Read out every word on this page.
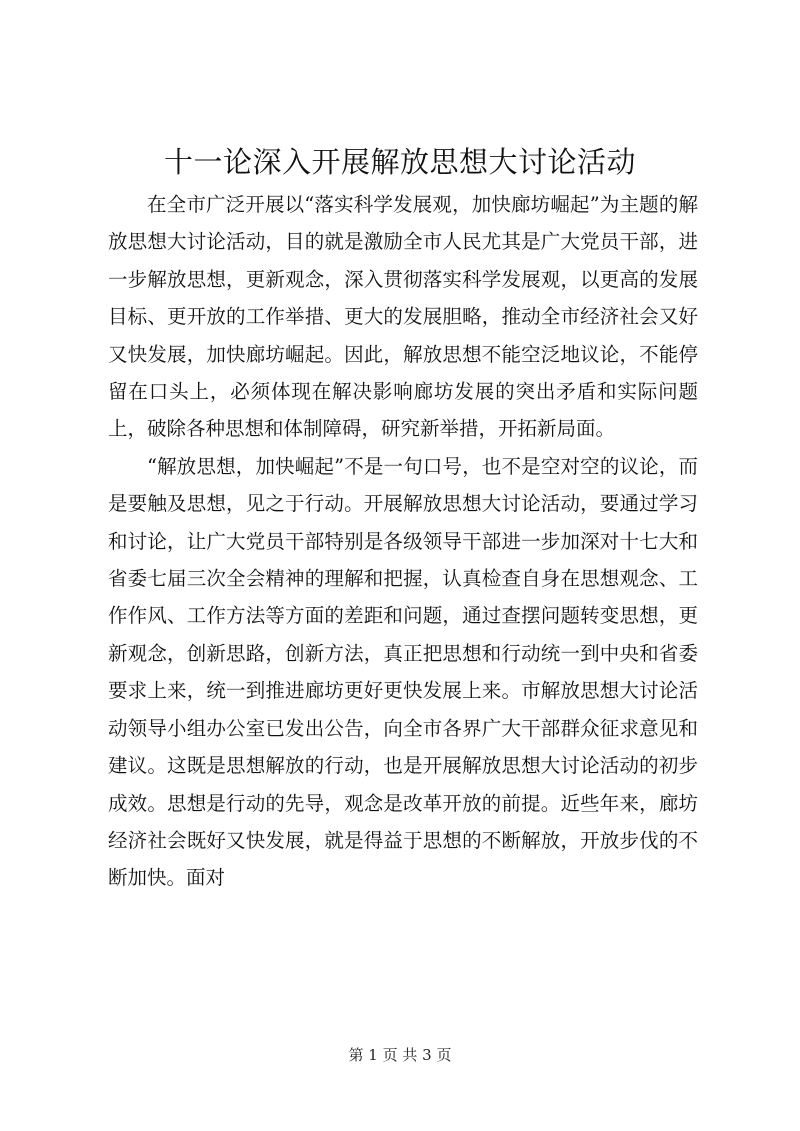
十一论深入开展解放思想大讨论活动

在全市广泛开展以“落实科学发展观，加快廊坊崛起”为主题的解放思想大讨论活动，目的就是激励全市人民尤其是广大党员干部，进一步解放思想，更新观念，深入贯彻落实科学发展观，以更高的发展目标、更开放的工作举措、更大的发展胆略，推动全市经济社会又好又快发展，加快廊坊崛起。因此，解放思想不能空泛地议论，不能停留在口头上，必须体现在解决影响廊坊发展的突出矛盾和实际问题上，破除各种思想和体制障碍，研究新举措，开拓新局面。

“解放思想，加快崛起”不是一句口号，也不是空对空的议论，而是要触及思想，见之于行动。开展解放思想大讨论活动，要通过学习和讨论，让广大党员干部特别是各级领导干部进一步加深对十七大和省委七届三次全会精神的理解和把握，认真检查自身在思想观念、工作作风、工作方法等方面的差距和问题，通过查摆问题转变思想，更新观念，创新思路，创新方法，真正把思想和行动统一到中央和省委要求上来，统一到推进廊坊更好更快发展上来。市解放思想大讨论活动领导小组办公室已发出公告，向全市各界广大干部群众征求意见和建议。这既是思想解放的行动，也是开展解放思想大讨论活动的初步成效。思想是行动的先导，观念是改革开放的前提。近些年来，廊坊经济社会既好又快发展，就是得益于思想的不断解放，开放步伐的不断加快。面对

第 1 页 共 3 页
